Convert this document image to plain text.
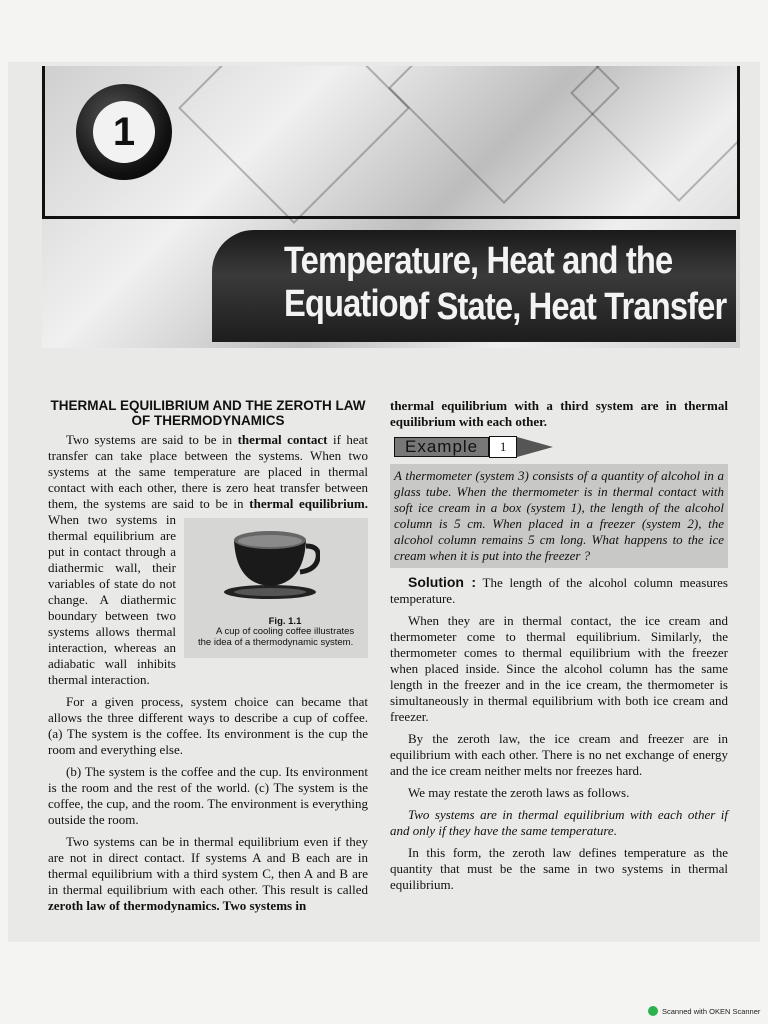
1
Temperature, Heat and the Equation
of State, Heat Transfer
THERMAL EQUILIBRIUM AND THE ZEROTH LAW OF THERMODYNAMICS

Two systems are said to be in thermal contact if heat transfer can take place between the systems. When two systems at the same temperature are placed in thermal contact with each other, there is zero heat transfer between them, the systems are said to be in
Fig. 1.1
A cup of cooling coffee illustrates the idea of a thermodynamic system.
thermal equilibrium. When two systems in thermal equilibrium are put in contact through a diathermic wall, their variables of state do not change. A diathermic boundary between two systems allows thermal interaction, whereas an adiabatic wall inhibits thermal interaction.

For a given process, system choice can became that allows the three different ways to describe a cup of coffee. (a) The system is the coffee. Its environment is the cup the room and everything else.

(b) The system is the coffee and the cup. Its environment is the room and the rest of the world. (c) The system is the coffee, the cup, and the room. The environment is everything outside the room.

Two systems can be in thermal equilibrium even if they are not in direct contact. If systems A and B each are in thermal equilibrium with a third system C, then A and B are in thermal equilibrium with each other. This result is called zeroth law of thermodynamics. Two systems in

thermal equilibrium with a third system are in thermal equilibrium with each other.

Example	1
A thermometer (system 3) consists of a quantity of alcohol in a glass tube. When the thermometer is in thermal contact with soft ice cream in a box (system 1), the length of the alcohol column is 5 cm. When placed in a freezer (system 2), the alcohol column remains 5 cm long. What happens to the ice cream when it is put into the freezer ?

Solution : The length of the alcohol column measures temperature.

When they are in thermal contact, the ice cream and thermometer come to thermal equilibrium. Similarly, the thermometer comes to thermal equilibrium with the freezer when placed inside. Since the alcohol column has the same length in the freezer and in the ice cream, the thermometer is simultaneously in thermal equilibrium with both ice cream and freezer.

By the zeroth law, the ice cream and freezer are in equilibrium with each other. There is no net exchange of energy and the ice cream neither melts nor freezes hard.

We may restate the zeroth laws as follows.

Two systems are in thermal equilibrium with each other if and only if they have the same temperature.

In this form, the zeroth law defines temperature as the quantity that must be the same in two systems in thermal equilibrium.

Scanned with OKEN Scanner
